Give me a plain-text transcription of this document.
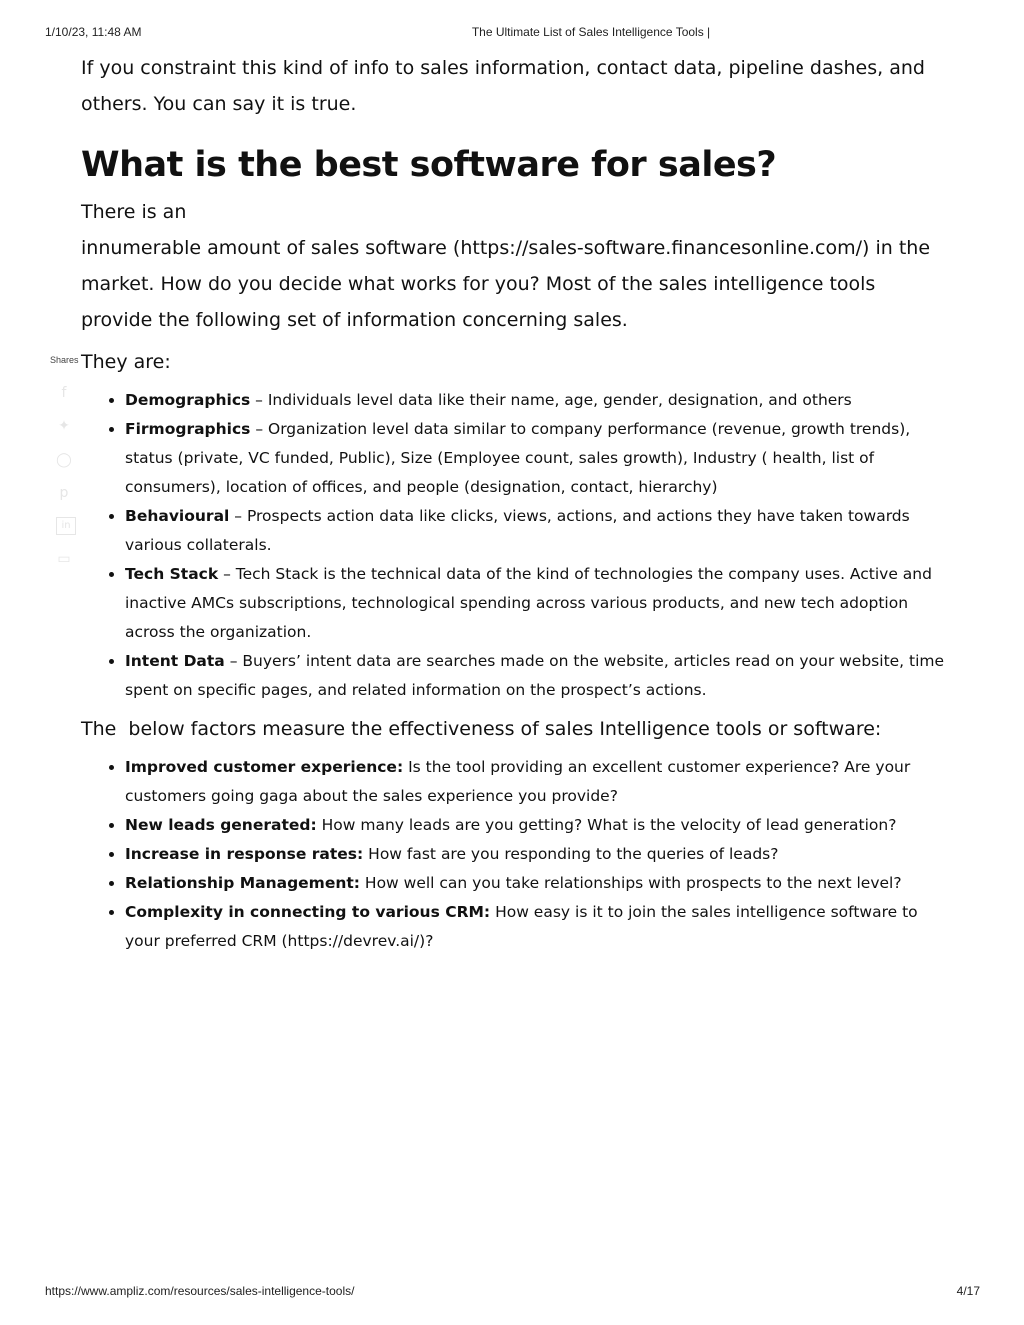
1/10/23, 11:48 AM	The Ultimate List of Sales Intelligence Tools |
Shares
f
✦
◯
p
in
▭

If you constraint this kind of info to sales information, contact data, pipeline dashes, and others. You can say it is true.

What is the best software for sales?

There is an

innumerable amount of sales software (https://sales-software.financesonline.com/) in the market. How do you decide what works for you? Most of the sales intelligence tools provide the following set of information concerning sales.

They are:

• Demographics – Individuals level data like their name, age, gender, designation, and others
• Firmographics – Organization level data similar to company performance (revenue, growth trends), status (private, VC funded, Public), Size (Employee count, sales growth), Industry ( health, list of consumers), location of offices, and people (designation, contact, hierarchy)
• Behavioural – Prospects action data like clicks, views, actions, and actions they have taken towards various collaterals.
• Tech Stack – Tech Stack is the technical data of the kind of technologies the company uses. Active and inactive AMCs subscriptions, technological spending across various products, and new tech adoption across the organization.
• Intent Data – Buyers’ intent data are searches made on the website, articles read on your website, time spent on specific pages, and related information on the prospect’s actions.

The  below factors measure the effectiveness of sales Intelligence tools or software:

• Improved customer experience: Is the tool providing an excellent customer experience? Are your customers going gaga about the sales experience you provide?
• New leads generated: How many leads are you getting? What is the velocity of lead generation?
• Increase in response rates: How fast are you responding to the queries of leads?
• Relationship Management: How well can you take relationships with prospects to the next level?
• Complexity in connecting to various CRM: How easy is it to join the sales intelligence software to your preferred CRM (https://devrev.ai/)?
https://www.ampliz.com/resources/sales-intelligence-tools/	4/17
